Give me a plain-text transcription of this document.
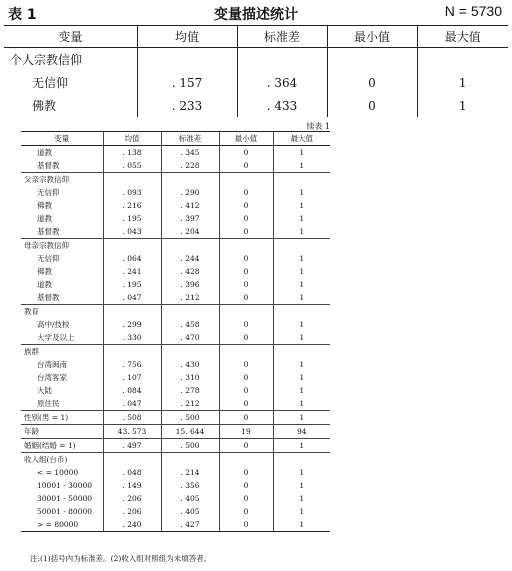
变量描述统计
表 1	N = 5730
变量	均值	标准差	最小值	最大值
个人宗教信仰				
无信仰	. 157	. 364	0	1
佛教	. 233	. 433	0	1
续表 1
变量	均值	标准差	最小值	最大值
道教	. 138	. 345	0	1
基督教	. 055	. 228	0	1
父亲宗教信仰				
无信仰	. 093	. 290	0	1
佛教	. 216	. 412	0	1
道教	. 195	. 397	0	1
基督教	. 043	. 204	0	1
母亲宗教信仰				
无信仰	. 064	. 244	0	1
佛教	. 241	. 428	0	1
道教	. 195	. 396	0	1
基督教	. 047	. 212	0	1
教育				
高中/技校	. 299	. 458	0	1
大学及以上	. 330	. 470	0	1
族群				
台湾闽南	. 756	. 430	0	1
台湾客家	. 107	. 310	0	1
大陆	. 084	. 278	0	1
原住民	. 047	. 212	0	1
性别(男 = 1)	. 508	. 500	0	1
年龄	43. 573	15. 644	19	94
婚姻(结婚 = 1)	. 497	. 500	0	1
收入组(台币)				
< = 10000	. 048	. 214	0	1
10001 - 30000	. 149	. 356	0	1
30001 - 50000	. 206	. 405	0	1
50001 - 80000	. 206	. 405	0	1
> = 80000	. 240	. 427	0	1
注:(1)括号内为标准差。(2)收入组对照组为未填答者。
